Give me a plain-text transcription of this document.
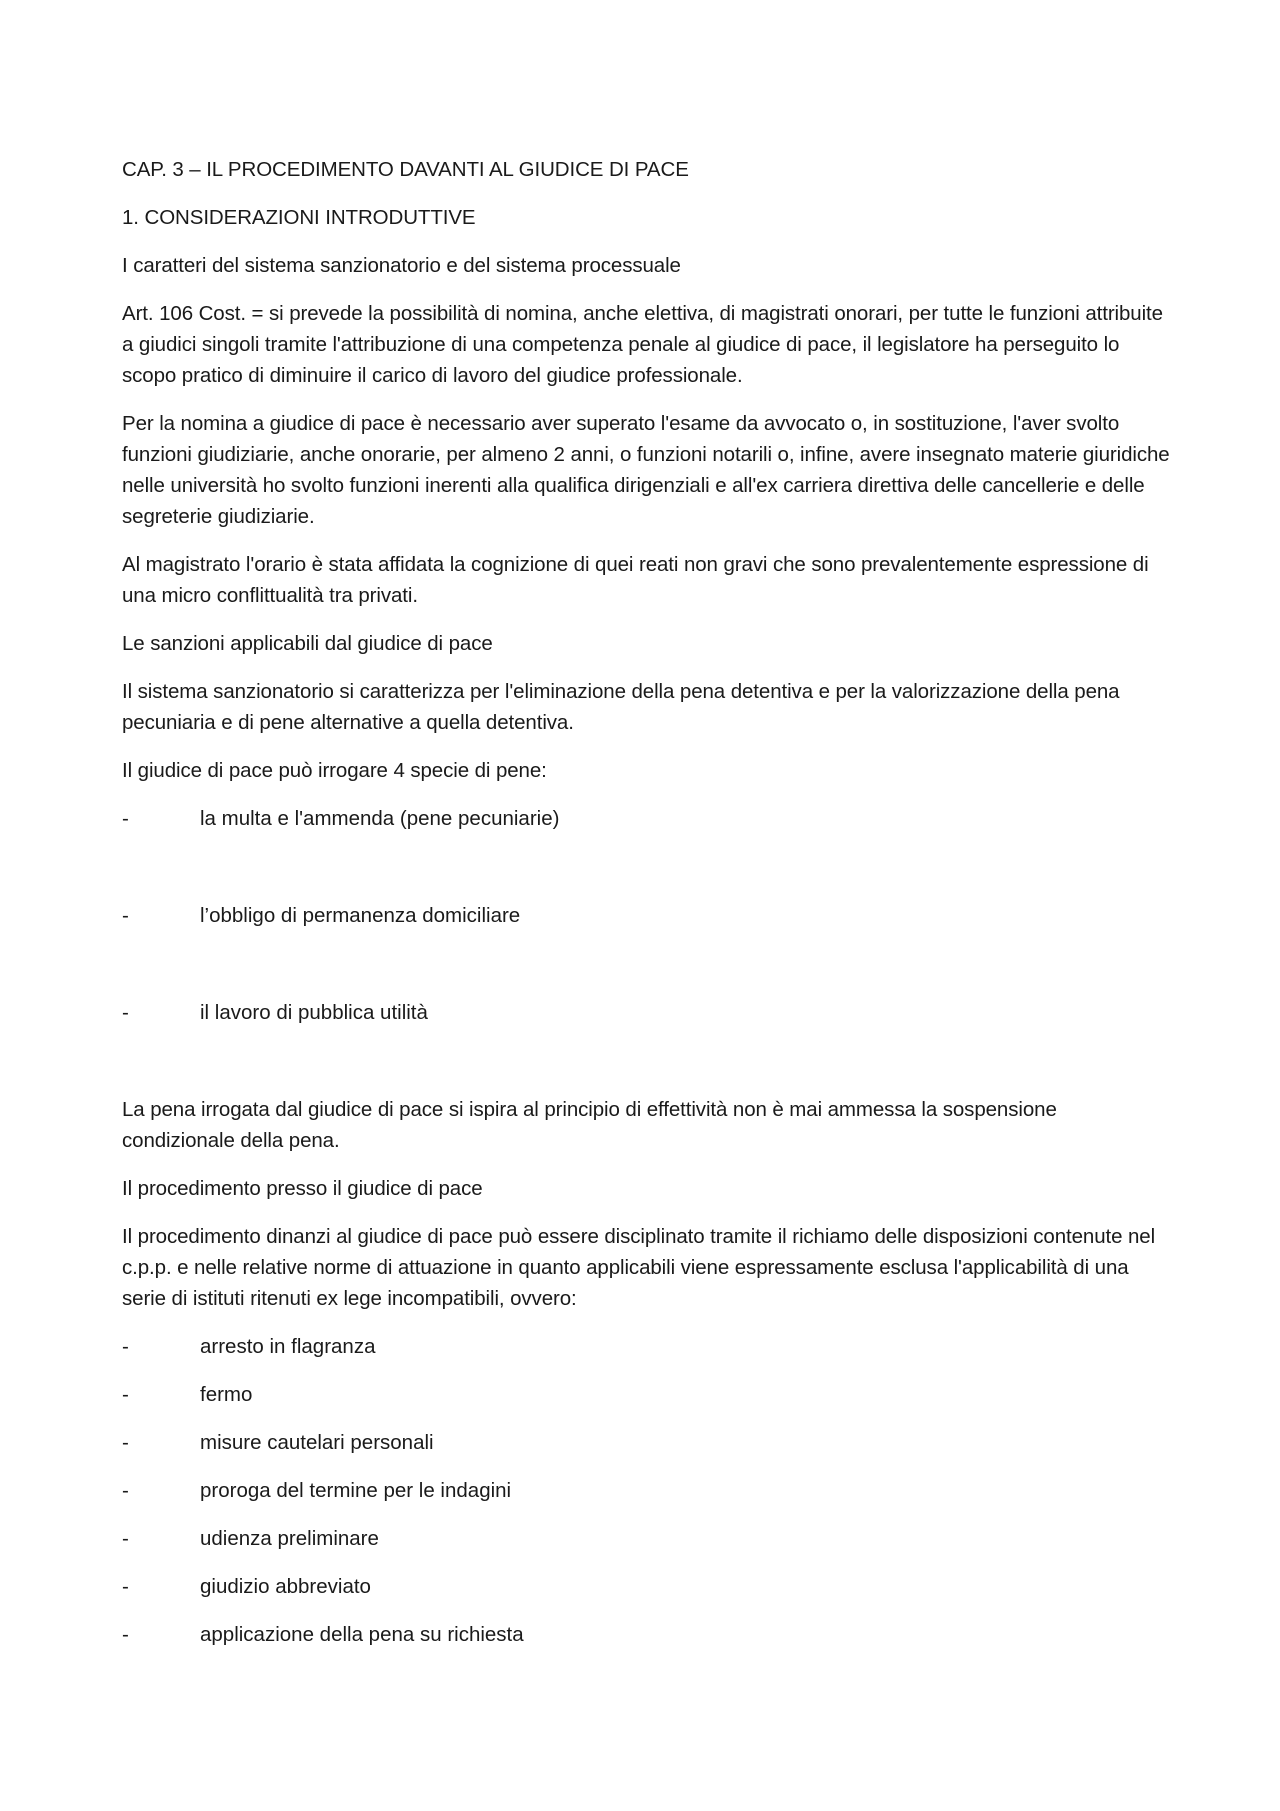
CAP. 3 – IL PROCEDIMENTO DAVANTI AL GIUDICE DI PACE

1. CONSIDERAZIONI INTRODUTTIVE

I caratteri del sistema sanzionatorio e del sistema processuale

Art. 106 Cost. = si prevede la possibilità di nomina, anche elettiva, di magistrati onorari, per tutte le funzioni attribuite a giudici singoli tramite l'attribuzione di una competenza penale al giudice di pace, il legislatore ha perseguito lo scopo pratico di diminuire il carico di lavoro del giudice professionale.

Per la nomina a giudice di pace è necessario aver superato l'esame da avvocato o, in sostituzione, l'aver svolto funzioni giudiziarie, anche onorarie, per almeno 2 anni, o funzioni notarili o, infine, avere insegnato materie giuridiche nelle università ho svolto funzioni inerenti alla qualifica dirigenziali e all'ex carriera direttiva delle cancellerie e delle segreterie giudiziarie.

Al magistrato l'orario è stata affidata la cognizione di quei reati non gravi che sono prevalentemente espressione di una micro conflittualità tra privati.

Le sanzioni applicabili dal giudice di pace

Il sistema sanzionatorio si caratterizza per l'eliminazione della pena detentiva e per la valorizzazione della pena pecuniaria e di pene alternative a quella detentiva.

Il giudice di pace può irrogare 4 specie di pene:

-	la multa e l'ammenda (pene pecuniarie)
-	l’obbligo di permanenza domiciliare
-	il lavoro di pubblica utilità

La pena irrogata dal giudice di pace si ispira al principio di effettività non è mai ammessa la sospensione condizionale della pena.

Il procedimento presso il giudice di pace

Il procedimento dinanzi al giudice di pace può essere disciplinato tramite il richiamo delle disposizioni contenute nel c.p.p. e nelle relative norme di attuazione in quanto applicabili viene espressamente esclusa l'applicabilità di una serie di istituti ritenuti ex lege incompatibili, ovvero:

-	arresto in flagranza
-	fermo
-	misure cautelari personali
-	proroga del termine per le indagini
-	udienza preliminare
-	giudizio abbreviato
-	applicazione della pena su richiesta
